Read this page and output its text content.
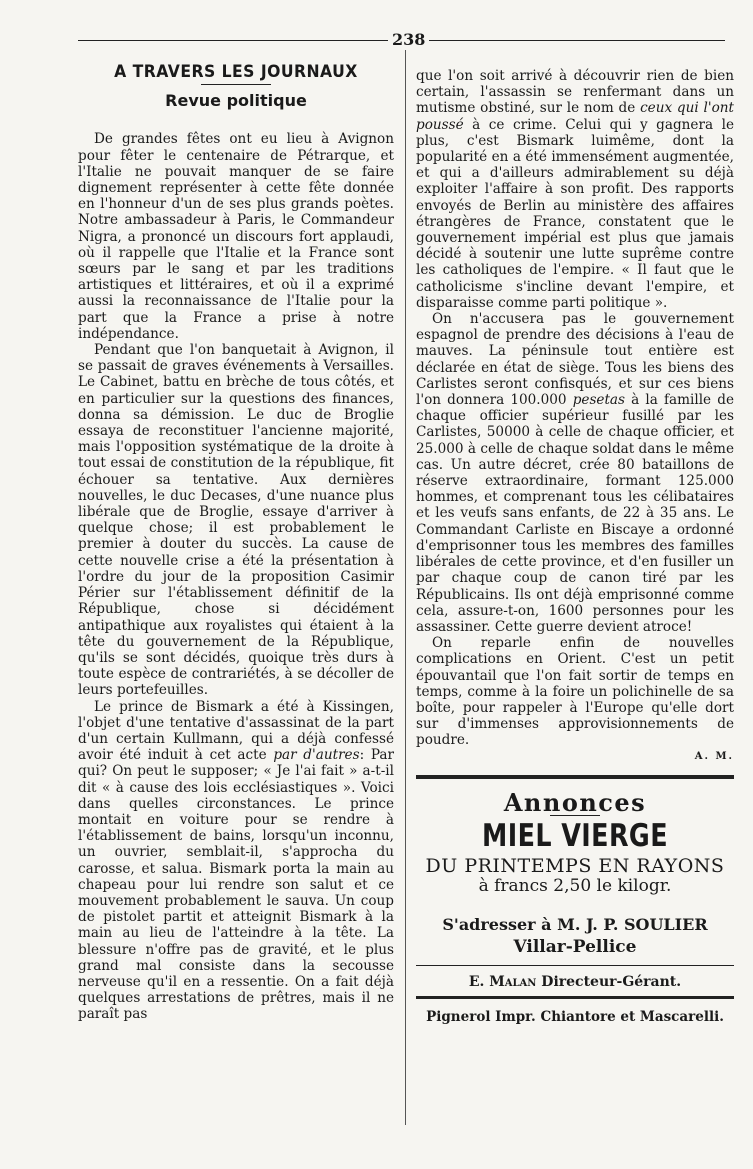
238
A TRAVERS LES JOURNAUX
Revue politique

De grandes fêtes ont eu lieu à Avignon pour fêter le centenaire de Pétrarque, et l'Italie ne pouvait manquer de se faire dignement représenter à cette fête donnée en l'honneur d'un de ses plus grands poètes. Notre ambassadeur à Paris, le Commandeur Nigra, a prononcé un discours fort applaudi, où il rappelle que l'Italie et la France sont sœurs par le sang et par les traditions artistiques et littéraires, et où il a exprimé aussi la reconnaissance de l'Italie pour la part que la France a prise à notre indépendance.

Pendant que l'on banquetait à Avignon, il se passait de graves événements à Versailles. Le Cabinet, battu en brèche de tous côtés, et en particulier sur la questions des finances, donna sa démission. Le duc de Broglie essaya de reconstituer l'ancienne majorité, mais l'opposition systématique de la droite à tout essai de constitution de la république, fit échouer sa tentative. Aux dernières nouvelles, le duc Decases, d'une nuance plus libérale que de Broglie, essaye d'arriver à quelque chose; il est probablement le premier à douter du succès. La cause de cette nouvelle crise a été la présentation à l'ordre du jour de la proposition Casimir Périer sur l'établissement définitif de la République, chose si décidément antipathique aux royalistes qui étaient à la tête du gouvernement de la République, qu'ils se sont décidés, quoique très durs à toute espèce de contrariétés, à se décoller de leurs portefeuilles.

Le prince de Bismark a été à Kissingen, l'objet d'une tentative d'assassinat de la part d'un certain Kullmann, qui a déjà confessé avoir été induit à cet acte par d'autres: Par qui? On peut le supposer; « Je l'ai fait » a-t-il dit « à cause des lois ecclésiastiques ». Voici dans quelles circonstances. Le prince montait en voiture pour se rendre à l'établissement de bains, lorsqu'un inconnu, un ouvrier, semblait-il, s'approcha du carosse, et salua. Bismark porta la main au chapeau pour lui rendre son salut et ce mouvement probablement le sauva. Un coup de pistolet partit et atteignit Bismark à la main au lieu de l'atteindre à la tête. La blessure n'offre pas de gravité, et le plus grand mal consiste dans la secousse nerveuse qu'il en a ressentie. On a fait déjà quelques arrestations de prêtres, mais il ne paraît pas

que l'on soit arrivé à découvrir rien de bien certain, l'assassin se renfermant dans un mutisme obstiné, sur le nom de ceux qui l'ont poussé à ce crime. Celui qui y gagnera le plus, c'est Bismark luimême, dont la popularité en a été immensément augmentée, et qui a d'ailleurs admirablement su déjà exploiter l'affaire à son profit. Des rapports envoyés de Berlin au ministère des affaires étrangères de France, constatent que le gouvernement impérial est plus que jamais décidé à soutenir une lutte suprême contre les catholiques de l'empire. « Il faut que le catholicisme s'incline devant l'empire, et disparaisse comme parti politique ».

On n'accusera pas le gouvernement espagnol de prendre des décisions à l'eau de mauves. La péninsule tout entière est déclarée en état de siège. Tous les biens des Carlistes seront confisqués, et sur ces biens l'on donnera 100.000 pesetas à la famille de chaque officier supérieur fusillé par les Carlistes, 50000 à celle de chaque officier, et 25.000 à celle de chaque soldat dans le même cas. Un autre décret, crée 80 bataillons de réserve extraordinaire, formant 125.000 hommes, et comprenant tous les célibataires et les veufs sans enfants, de 22 à 35 ans. Le Commandant Carliste en Biscaye a ordonné d'emprisonner tous les membres des familles libérales de cette province, et d'en fusiller un par chaque coup de canon tiré par les Républicains. Ils ont déjà emprisonné comme cela, assure-t-on, 1600 personnes pour les assassiner. Cette guerre devient atroce!

On reparle enfin de nouvelles complications en Orient. C'est un petit épouvantail que l'on fait sortir de temps en temps, comme à la foire un polichinelle de sa boîte, pour rappeler à l'Europe qu'elle dort sur d'immenses approvisionnements de poudre.

A. M.
Annonces
MIEL VIERGE
DU PRINTEMPS EN RAYONS
à francs 2,50 le kilogr.
S'adresser à M. J. P. SOULIER
Villar-Pellice
E. Malan Directeur-Gérant.
Pignerol Impr. Chiantore et Mascarelli.
